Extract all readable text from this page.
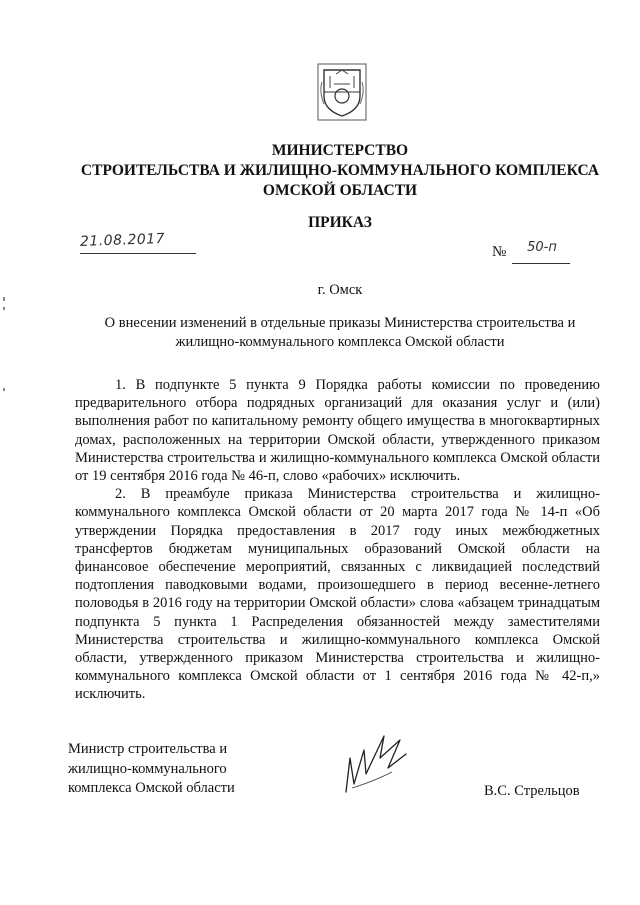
МИНИСТЕРСТВО
СТРОИТЕЛЬСТВА И ЖИЛИЩНО-КОММУНАЛЬНОГО КОМПЛЕКСА
ОМСКОЙ ОБЛАСТИ
ПРИКАЗ
21.08.2017
№	50-п
г. Омск
О внесении изменений в отдельные приказы Министерства строительства и
жилищно-коммунального комплекса Омской области

1. В подпункте 5 пункта 9 Порядка работы комиссии по проведению предварительного отбора подрядных организаций для оказания услуг и (или) выполнения работ по капитальному ремонту общего имущества в многоквартирных домах, расположенных на территории Омской области, утвержденного приказом Министерства строительства и жилищно-коммунального комплекса Омской области от 19 сентября 2016 года № 46-п, слово «рабочих» исключить.

2. В преамбуле приказа Министерства строительства и жилищно-коммунального комплекса Омской области от 20 марта 2017 года № 14-п «Об утверждении Порядка предоставления в 2017 году иных межбюджетных трансфертов бюджетам муниципальных образований Омской области на финансовое обеспечение мероприятий, связанных с ликвидацией последствий подтопления паводковыми водами, произошедшего в период весенне-летнего половодья в 2016 году на территории Омской области» слова «абзацем тринадцатым подпункта 5 пункта 1 Распределения обязанностей между заместителями Министерства строительства и жилищно-коммунального комплекса Омской области, утвержденного приказом Министерства строительства и жилищно-коммунального комплекса Омской области от 1 сентября 2016 года № 42-п,» исключить.

Министр строительства и
жилищно-коммунального
комплекса Омской области	В.С. Стрельцов
